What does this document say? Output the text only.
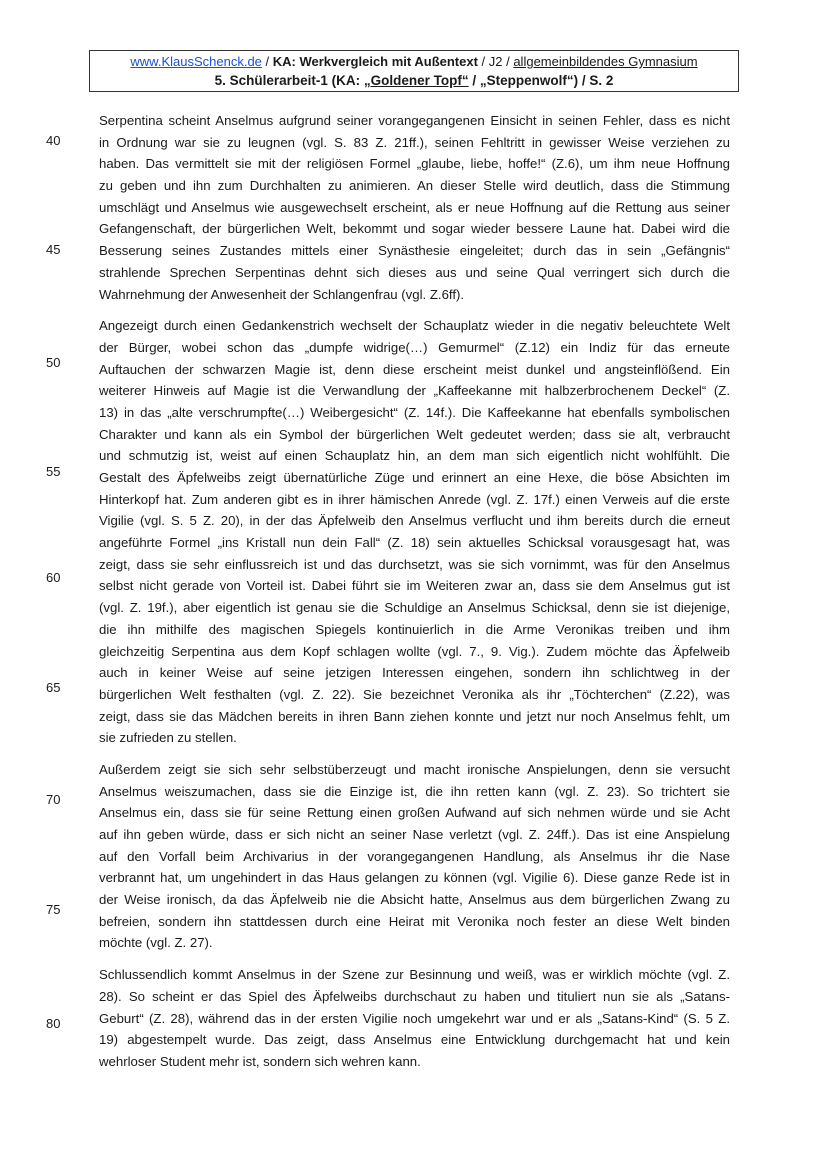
www.KlausSchenck.de / KA: Werkvergleich mit Außentext / J2 / allgemeinbildendes Gymnasium
5. Schülerarbeit-1 (KA: „Goldener Topf“ / „Steppenwolf“) / S. 2
40
45
50
55
60
65
70
75
80
Serpentina scheint Anselmus aufgrund seiner vorangegangenen Einsicht in seinen Fehler, dass es nicht
in Ordnung war sie zu leugnen (vgl. S. 83 Z. 21ff.), seinen Fehltritt in gewisser Weise verziehen zu
haben. Das vermittelt sie mit der religiösen Formel „glaube, liebe, hoffe!“ (Z.6), um ihm neue Hoffnung
zu geben und ihn zum Durchhalten zu animieren. An dieser Stelle wird deutlich, dass die Stimmung
umschlägt und Anselmus wie ausgewechselt erscheint, als er neue Hoffnung auf die Rettung aus seiner
Gefangenschaft, der bürgerlichen Welt, bekommt und sogar wieder bessere Laune hat. Dabei wird die
Besserung seines Zustandes mittels einer Synästhesie eingeleitet; durch das in sein „Gefängnis“
strahlende Sprechen Serpentinas dehnt sich dieses aus und seine Qual verringert sich durch die
Wahrnehmung der Anwesenheit der Schlangenfrau (vgl. Z.6ff).
Angezeigt durch einen Gedankenstrich wechselt der Schauplatz wieder in die negativ beleuchtete Welt
der Bürger, wobei schon das „dumpfe widrige(…) Gemurmel“ (Z.12) ein Indiz für das erneute
Auftauchen der schwarzen Magie ist, denn diese erscheint meist dunkel und angsteinflößend. Ein
weiterer Hinweis auf Magie ist die Verwandlung der „Kaffeekanne mit halbzerbrochenem Deckel“ (Z.
13) in das „alte verschrumpfte(…) Weibergesicht“ (Z. 14f.). Die Kaffeekanne hat ebenfalls symbolischen
Charakter und kann als ein Symbol der bürgerlichen Welt gedeutet werden; dass sie alt, verbraucht
und schmutzig ist, weist auf einen Schauplatz hin, an dem man sich eigentlich nicht wohlfühlt. Die
Gestalt des Äpfelweibs zeigt übernatürliche Züge und erinnert an eine Hexe, die böse Absichten im
Hinterkopf hat. Zum anderen gibt es in ihrer hämischen Anrede (vgl. Z. 17f.) einen Verweis auf die erste
Vigilie (vgl. S. 5 Z. 20), in der das Äpfelweib den Anselmus verflucht und ihm bereits durch die erneut
angeführte Formel „ins Kristall nun dein Fall“ (Z. 18) sein aktuelles Schicksal vorausgesagt hat, was
zeigt, dass sie sehr einflussreich ist und das durchsetzt, was sie sich vornimmt, was für den Anselmus
selbst nicht gerade von Vorteil ist. Dabei führt sie im Weiteren zwar an, dass sie dem Anselmus gut ist
(vgl. Z. 19f.), aber eigentlich ist genau sie die Schuldige an Anselmus Schicksal, denn sie ist diejenige,
die ihn mithilfe des magischen Spiegels kontinuierlich in die Arme Veronikas treiben und ihm
gleichzeitig Serpentina aus dem Kopf schlagen wollte (vgl. 7., 9. Vig.). Zudem möchte das Äpfelweib
auch in keiner Weise auf seine jetzigen Interessen eingehen, sondern ihn schlichtweg in der
bürgerlichen Welt festhalten (vgl. Z. 22). Sie bezeichnet Veronika als ihr „Töchterchen“ (Z.22), was
zeigt, dass sie das Mädchen bereits in ihren Bann ziehen konnte und jetzt nur noch Anselmus fehlt, um
sie zufrieden zu stellen.
Außerdem zeigt sie sich sehr selbstüberzeugt und macht ironische Anspielungen, denn sie versucht
Anselmus weiszumachen, dass sie die Einzige ist, die ihn retten kann (vgl. Z. 23). So trichtert sie
Anselmus ein, dass sie für seine Rettung einen großen Aufwand auf sich nehmen würde und sie Acht
auf ihn geben würde, dass er sich nicht an seiner Nase verletzt (vgl. Z. 24ff.). Das ist eine Anspielung
auf den Vorfall beim Archivarius in der vorangegangenen Handlung, als Anselmus ihr die Nase
verbrannt hat, um ungehindert in das Haus gelangen zu können (vgl. Vigilie 6). Diese ganze Rede ist in
der Weise ironisch, da das Äpfelweib nie die Absicht hatte, Anselmus aus dem bürgerlichen Zwang zu
befreien, sondern ihn stattdessen durch eine Heirat mit Veronika noch fester an diese Welt binden
möchte (vgl. Z. 27).
Schlussendlich kommt Anselmus in der Szene zur Besinnung und weiß, was er wirklich möchte (vgl. Z.
28). So scheint er das Spiel des Äpfelweibs durchschaut zu haben und tituliert nun sie als „Satans-
Geburt“ (Z. 28), während das in der ersten Vigilie noch umgekehrt war und er als „Satans-Kind“ (S. 5 Z.
19) abgestempelt wurde. Das zeigt, dass Anselmus eine Entwicklung durchgemacht hat und kein
wehrloser Student mehr ist, sondern sich wehren kann.
